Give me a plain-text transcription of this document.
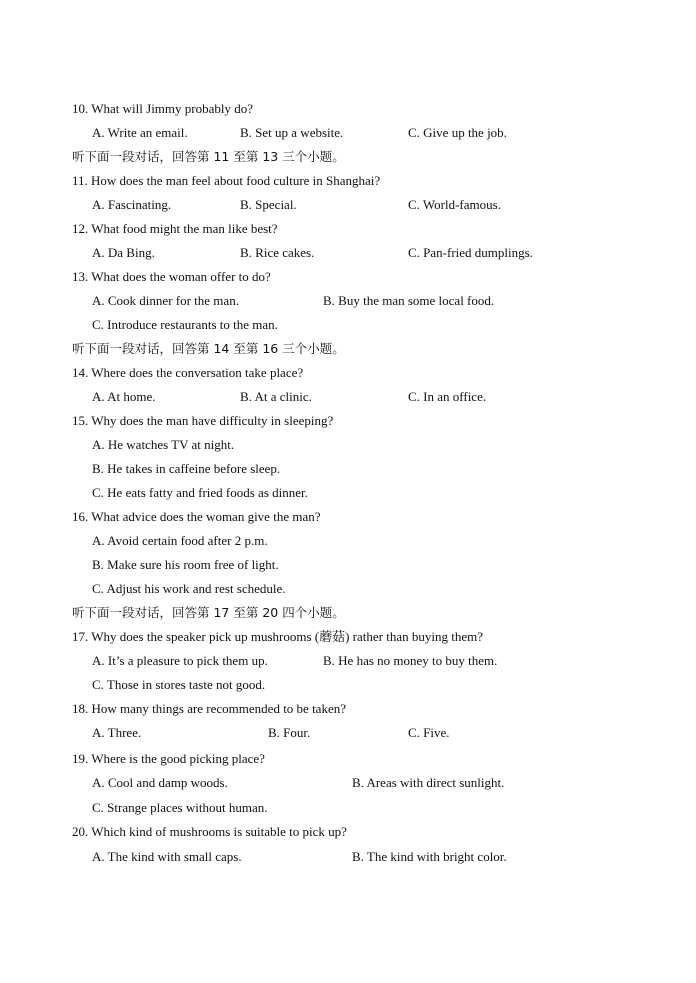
10. What will Jimmy probably do?
A. Write an email.	B. Set up a website.	C. Give up the job.
听下面一段对话，回答第 11 至第 13 三个小题。
11. How does the man feel about food culture in Shanghai?
A. Fascinating.	B. Special.	C. World-famous.
12. What food might the man like best?
A. Da Bing.	B. Rice cakes.	C. Pan-fried dumplings.
13. What does the woman offer to do?
A. Cook dinner for the man.	B. Buy the man some local food.
C. Introduce restaurants to the man.
听下面一段对话，回答第 14 至第 16 三个小题。
14. Where does the conversation take place?
A. At home.	B. At a clinic.	C. In an office.
15. Why does the man have difficulty in sleeping?
A. He watches TV at night.
B. He takes in caffeine before sleep.
C. He eats fatty and fried foods as dinner.
16. What advice does the woman give the man?
A. Avoid certain food after 2 p.m.
B. Make sure his room free of light.
C. Adjust his work and rest schedule.
听下面一段对话，回答第 17 至第 20 四个小题。
17. Why does the speaker pick up mushrooms (蘑菇) rather than buying them?
A. It’s a pleasure to pick them up.	B. He has no money to buy them.
C. Those in stores taste not good.
18. How many things are recommended to be taken?
A. Three.	B. Four.	C. Five.
19. Where is the good picking place?
A. Cool and damp woods.	B. Areas with direct sunlight.
C. Strange places without human.
20. Which kind of mushrooms is suitable to pick up?
A. The kind with small caps.	B. The kind with bright color.
